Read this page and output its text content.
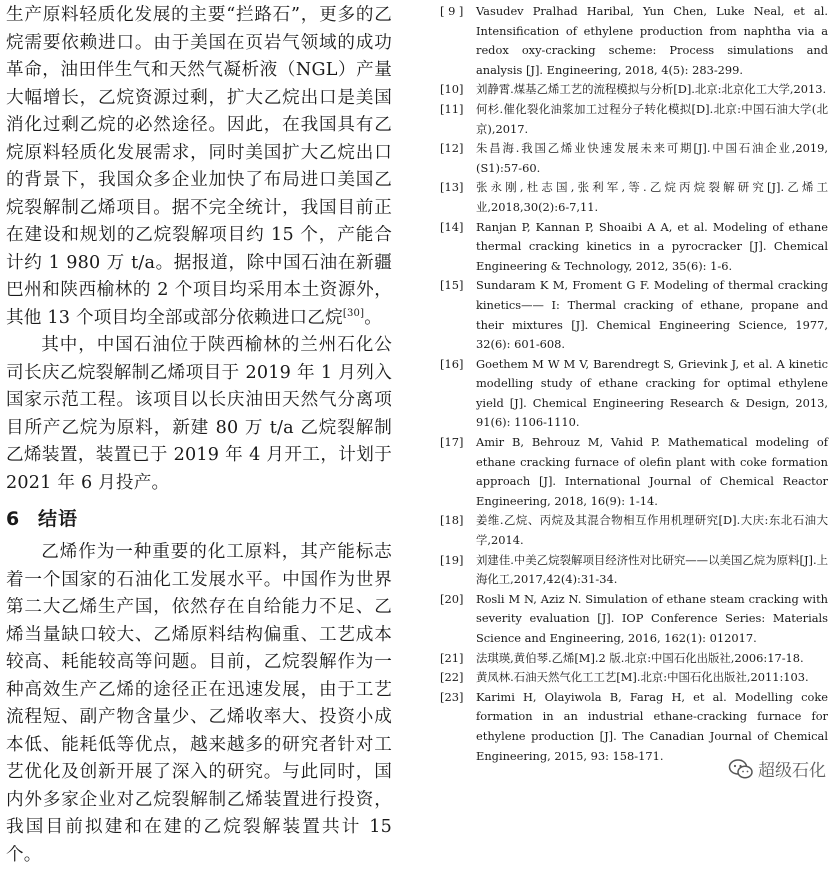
生产原料轻质化发展的主要“拦路石”，更多的乙烷需要依赖进口。由于美国在页岩气领域的成功革命，油田伴生气和天然气凝析液（NGL）产量大幅增长，乙烷资源过剩，扩大乙烷出口是美国消化过剩乙烷的必然途径。因此，在我国具有乙烷原料轻质化发展需求，同时美国扩大乙烷出口的背景下，我国众多企业加快了布局进口美国乙烷裂解制乙烯项目。据不完全统计，我国目前正在建设和规划的乙烷裂解项目约 15 个，产能合计约 1 980 万 t/a。据报道，除中国石油在新疆巴州和陕西榆林的 2 个项目均采用本土资源外，其他 13 个项目均全部或部分依赖进口乙烷[30]。

其中，中国石油位于陕西榆林的兰州石化公司长庆乙烷裂解制乙烯项目于 2019 年 1 月列入国家示范工程。该项目以长庆油田天然气分离项目所产乙烷为原料，新建 80 万 t/a 乙烷裂解制乙烯装置，装置已于 2019 年 4 月开工，计划于 2021 年 6 月投产。

6 结语

乙烯作为一种重要的化工原料，其产能标志着一个国家的石油化工发展水平。中国作为世界第二大乙烯生产国，依然存在自给能力不足、乙烯当量缺口较大、乙烯原料结构偏重、工艺成本较高、耗能较高等问题。目前，乙烷裂解作为一种高效生产乙烯的途径正在迅速发展，由于工艺流程短、副产物含量少、乙烯收率大、投资小成本低、能耗低等优点，越来越多的研究者针对工艺优化及创新开展了深入的研究。与此同时，国内外多家企业对乙烷裂解制乙烯装置进行投资，我国目前拟建和在建的乙烷裂解装置共计 15 个。

[ 9 ]	Vasudev Pralhad Haribal, Yun Chen, Luke Neal, et al. Intensification of ethylene production from naphtha via a redox oxy-cracking scheme: Process simulations and analysis [J]. Engineering, 2018, 4(5): 283-299.
[10]	刘静霄.煤基乙烯工艺的流程模拟与分析[D].北京:北京化工大学,2013.
[11]	何杉.催化裂化油浆加工过程分子转化模拟[D].北京:中国石油大学(北京),2017.
[12]	朱昌海.我国乙烯业快速发展未来可期[J].中国石油企业,2019,(S1):57-60.
[13]	张永刚,杜志国,张利军,等.乙烷丙烷裂解研究[J].乙烯工业,2018,30(2):6-7,11.
[14]	Ranjan P, Kannan P, Shoaibi A A, et al. Modeling of ethane thermal cracking kinetics in a pyrocracker [J]. Chemical Engineering & Technology, 2012, 35(6): 1-6.
[15]	Sundaram K M, Froment G F. Modeling of thermal cracking kinetics—— I: Thermal cracking of ethane, propane and their mixtures [J]. Chemical Engineering Science, 1977, 32(6): 601-608.
[16]	Goethem M W M V, Barendregt S, Grievink J, et al. A kinetic modelling study of ethane cracking for optimal ethylene yield [J]. Chemical Engineering Research & Design, 2013, 91(6): 1106-1110.
[17]	Amir B, Behrouz M, Vahid P. Mathematical modeling of ethane cracking furnace of olefin plant with coke formation approach [J]. International Journal of Chemical Reactor Engineering, 2018, 16(9): 1-14.
[18]	姜维.乙烷、丙烷及其混合物相互作用机理研究[D].大庆:东北石油大学,2014.
[19]	刘建佳.中美乙烷裂解项目经济性对比研究——以美国乙烷为原料[J].上海化工,2017,42(4):31-34.
[20]	Rosli M N, Aziz N. Simulation of ethane steam cracking with severity evaluation [J]. IOP Conference Series: Materials Science and Engineering, 2016, 162(1): 012017.
[21]	法琪瑛,黄伯琴.乙烯[M].2 版.北京:中国石化出版社,2006:17-18.
[22]	黄凤林.石油天然气化工工艺[M].北京:中国石化出版社,2011:103.
[23]	Karimi H, Olayiwola B, Farag H, et al. Modelling coke formation in an industrial ethane-cracking furnace for ethylene production [J]. The Canadian Journal of Chemical Engineering, 2015, 93: 158-171.
超级石化
